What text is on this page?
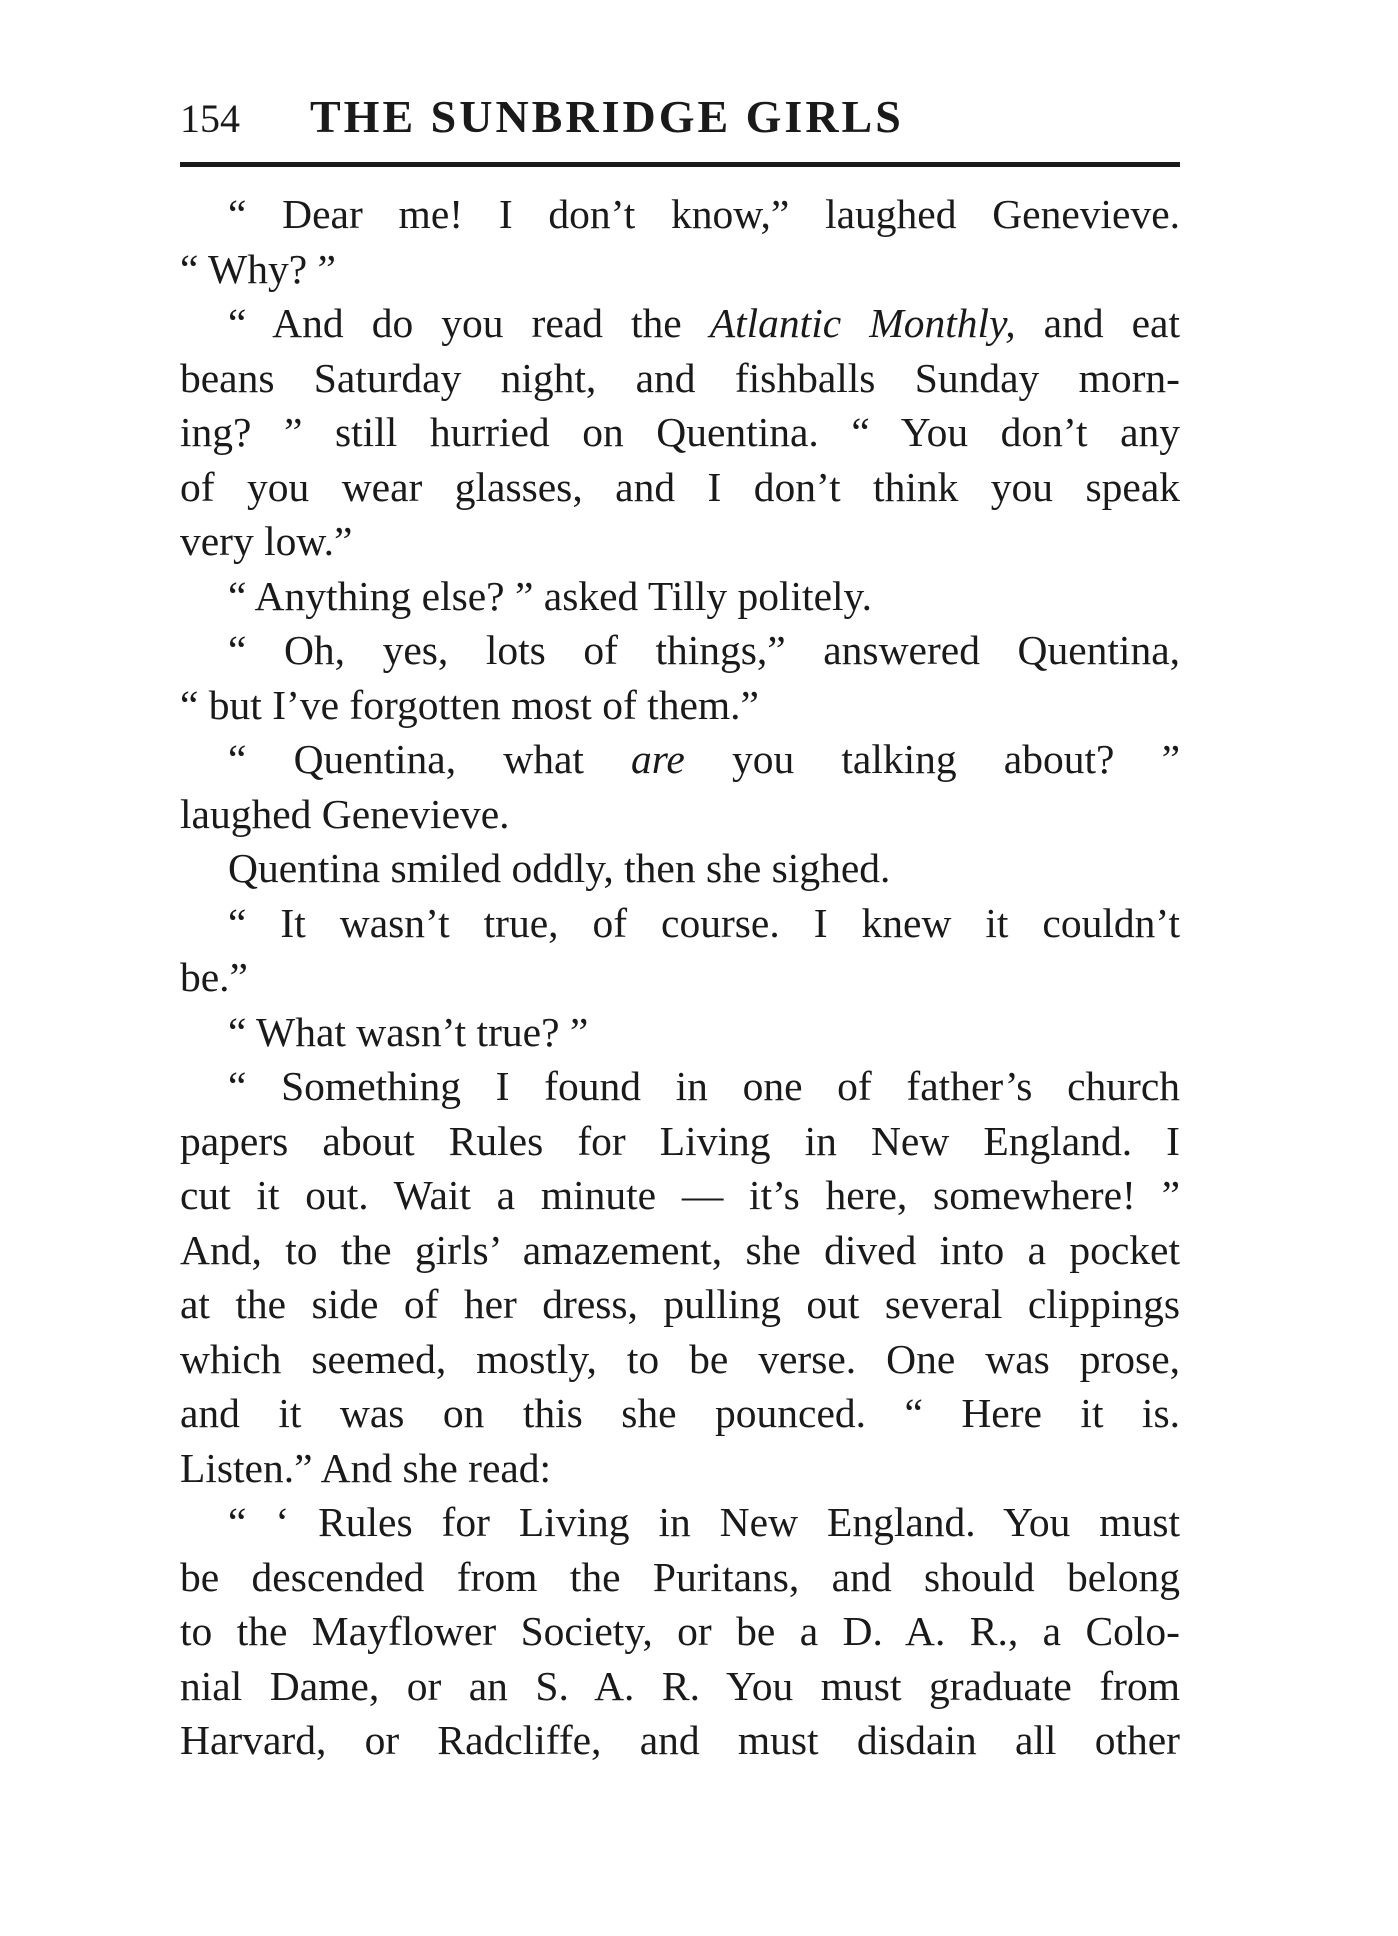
154	THE SUNBRIDGE GIRLS
“ Dear me! I don’t know,” laughed Genevieve.
“ Why? ”
“ And do you read the Atlantic Monthly, and eat
beans Saturday night, and fishballs Sunday morn-
ing? ” still hurried on Quentina. “ You don’t any
of you wear glasses, and I don’t think you speak
very low.”
“ Anything else? ” asked Tilly politely.
“ Oh, yes, lots of things,” answered Quentina,
“ but I’ve forgotten most of them.”
“ Quentina, what are you talking about? ”
laughed Genevieve.
Quentina smiled oddly, then she sighed.
“ It wasn’t true, of course. I knew it couldn’t
be.”
“ What wasn’t true? ”
“ Something I found in one of father’s church
papers about Rules for Living in New England. I
cut it out. Wait a minute — it’s here, somewhere! ”
And, to the girls’ amazement, she dived into a pocket
at the side of her dress, pulling out several clippings
which seemed, mostly, to be verse. One was prose,
and it was on this she pounced. “ Here it is.
Listen.” And she read:
“ ‘ Rules for Living in New England. You must
be descended from the Puritans, and should belong
to the Mayflower Society, or be a D. A. R., a Colo-
nial Dame, or an S. A. R. You must graduate from
Harvard, or Radcliffe, and must disdain all other
